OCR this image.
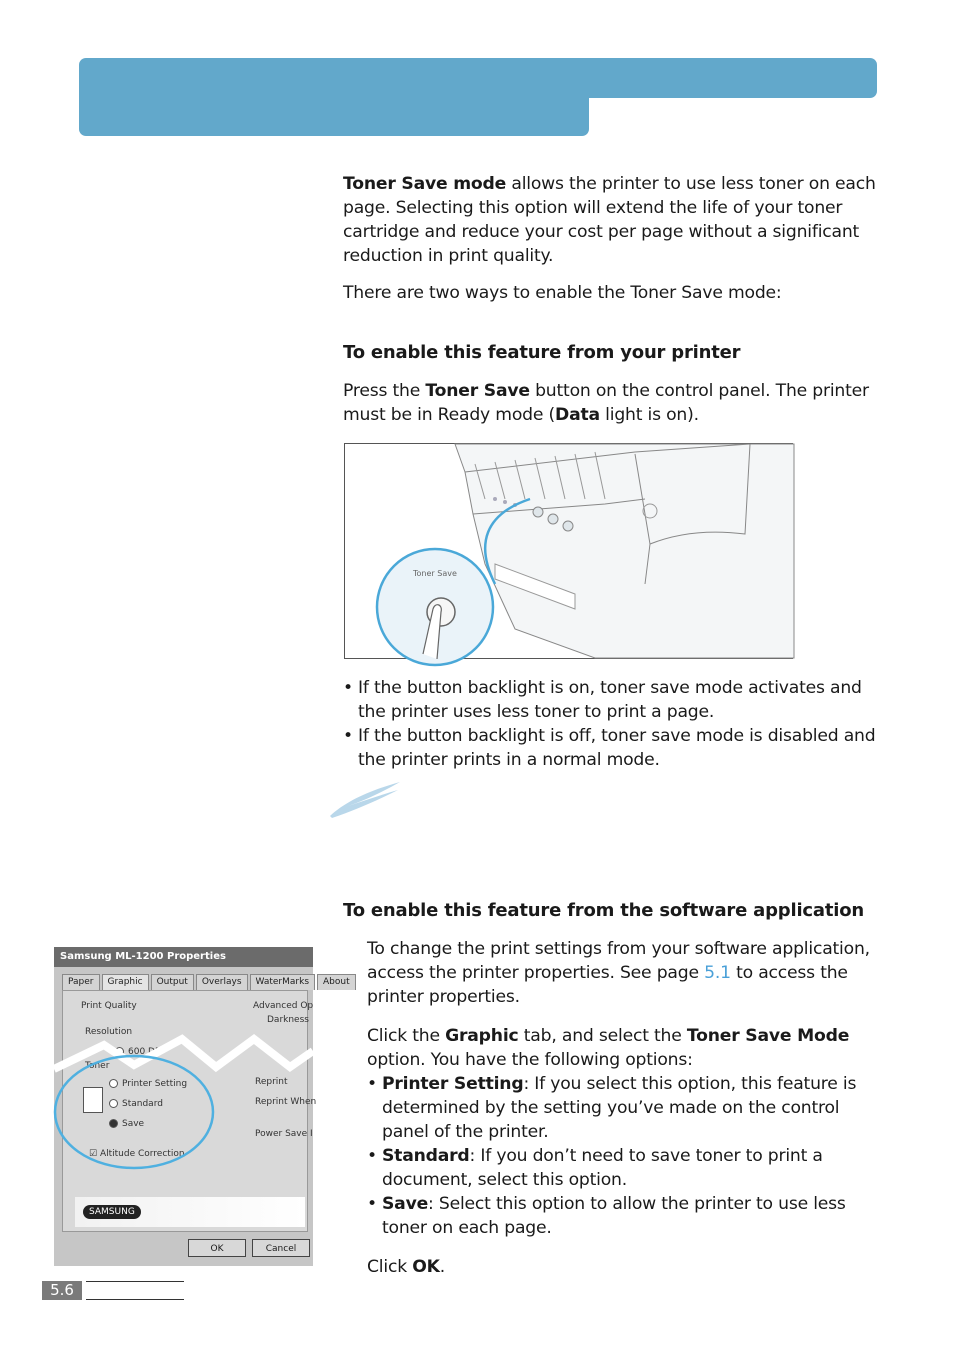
Toner Save mode allows the printer to use less toner on each page. Selecting this option will extend the life of your toner cartridge and reduce your cost per page without a significant reduction in print quality.

There are two ways to enable the Toner Save mode:

To enable this feature from your printer

Press the Toner Save button on the control panel. The printer must be in Ready mode (Data light is on).

Toner Save
• If the button backlight is on, toner save mode activates and the printer uses less toner to print a page.
• If the button backlight is off, toner save mode is disabled and the printer prints in a normal mode.
To enable this feature from the software application

To change the print settings from your software application, access the printer properties. See page 5.1 to access the printer properties.

Click the Graphic tab, and select the Toner Save Mode option. You have the following options:
• Printer Setting: If you select this option, this feature is determined by the setting you’ve made on the control panel of the printer.
• Standard: If you don’t need to save toner to print a document, select this option.
• Save: Select this option to allow the printer to use less toner on each page.

Click OK.

Samsung ML-1200 Properties
Paper	Graphic	Output	Overlays	WaterMarks	About
Print Quality
Resolution
600 DPI
Toner
Printer Setting
Standard
Save
☑ Altitude Correction
Advanced Op
Darkness
Reprint
Reprint When
Power Save I
SAMSUNG
OK	Cancel
5.6
